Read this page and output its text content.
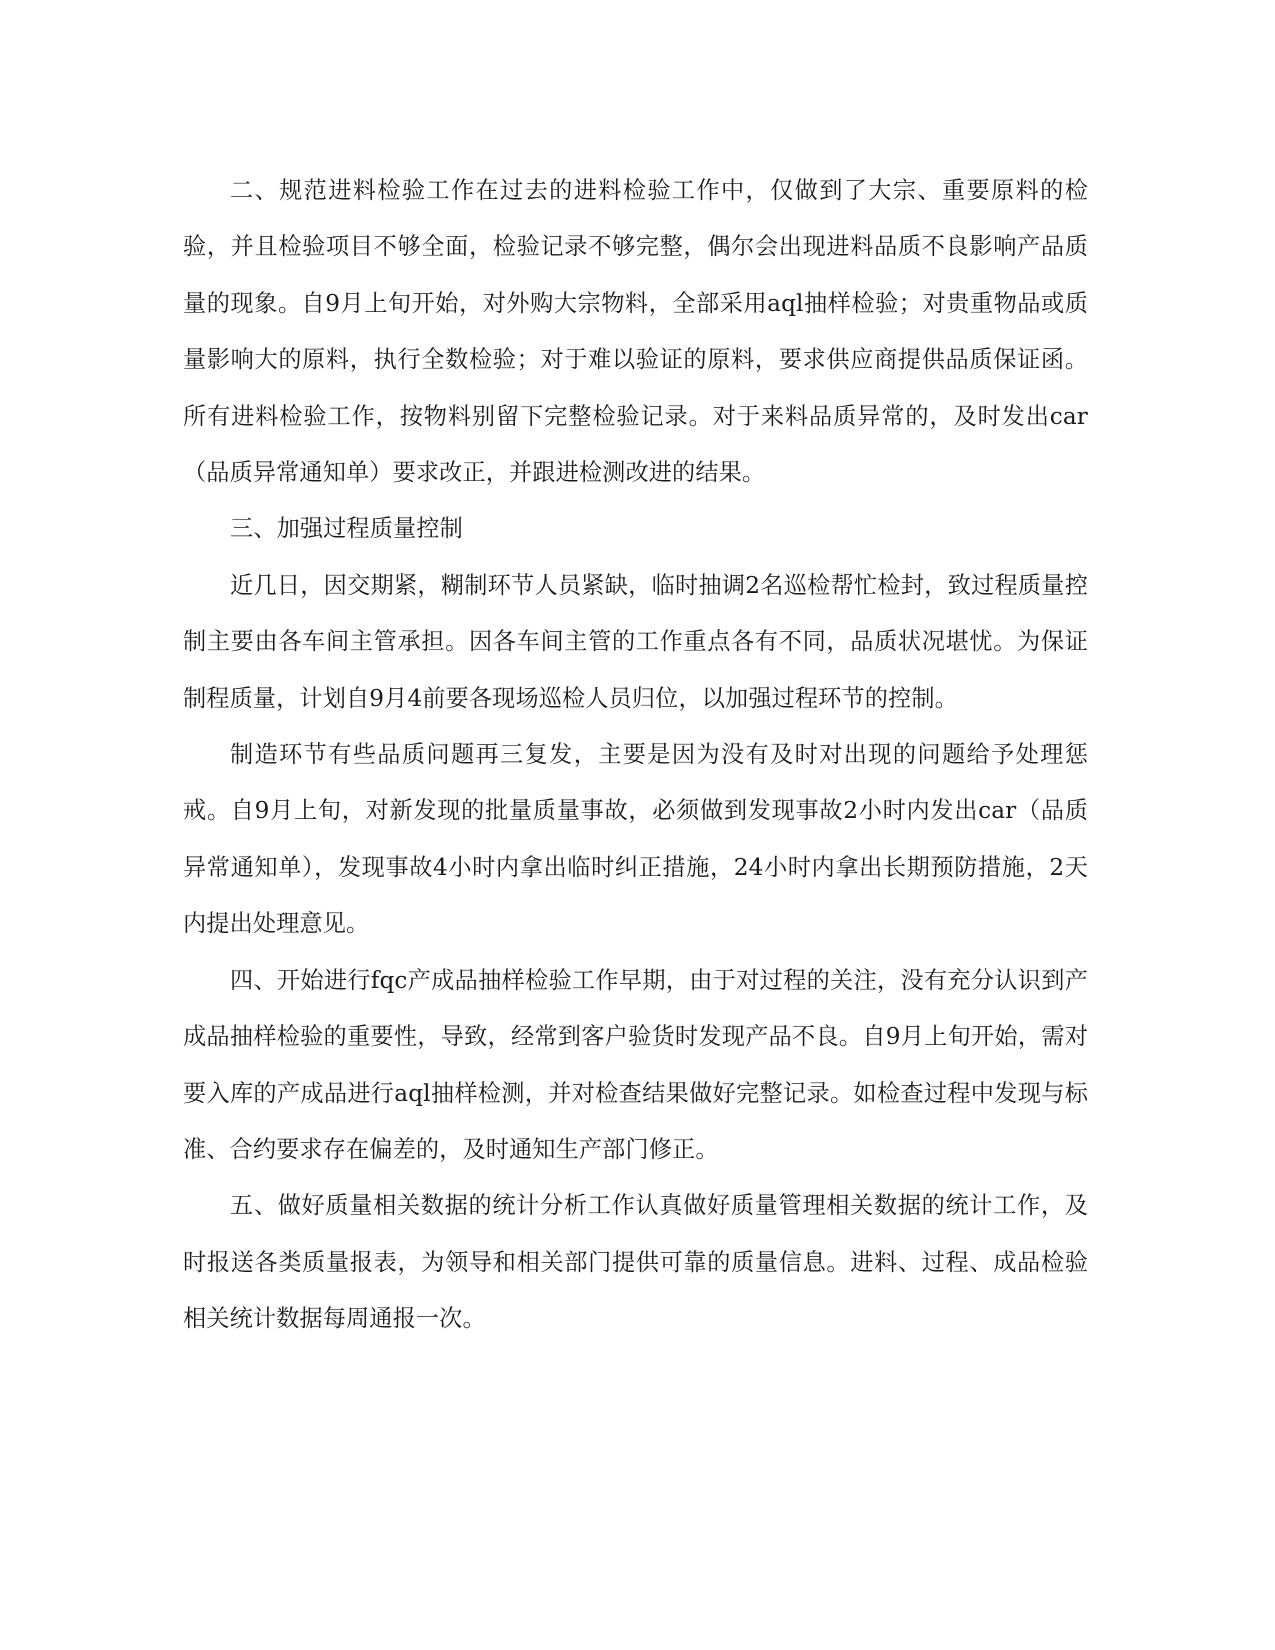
二、规范进料检验工作在过去的进料检验工作中，仅做到了大宗、重要原料的检验，并且检验项目不够全面，检验记录不够完整，偶尔会出现进料品质不良影响产品质量的现象。自9月上旬开始，对外购大宗物料，全部采用aql抽样检验；对贵重物品或质量影响大的原料，执行全数检验；对于难以验证的原料，要求供应商提供品质保证函。所有进料检验工作，按物料别留下完整检验记录。对于来料品质异常的，及时发出car（品质异常通知单）要求改正，并跟进检测改进的结果。

三、加强过程质量控制

近几日，因交期紧，糊制环节人员紧缺，临时抽调2名巡检帮忙检封，致过程质量控制主要由各车间主管承担。因各车间主管的工作重点各有不同，品质状况堪忧。为保证制程质量，计划自9月4前要各现场巡检人员归位，以加强过程环节的控制。

制造环节有些品质问题再三复发，主要是因为没有及时对出现的问题给予处理惩戒。自9月上旬，对新发现的批量质量事故，必须做到发现事故2小时内发出car（品质异常通知单），发现事故4小时内拿出临时纠正措施，24小时内拿出长期预防措施，2天内提出处理意见。

四、开始进行fqc产成品抽样检验工作早期，由于对过程的关注，没有充分认识到产成品抽样检验的重要性，导致，经常到客户验货时发现产品不良。自9月上旬开始，需对要入库的产成品进行aql抽样检测，并对检查结果做好完整记录。如检查过程中发现与标准、合约要求存在偏差的，及时通知生产部门修正。

五、做好质量相关数据的统计分析工作认真做好质量管理相关数据的统计工作，及时报送各类质量报表，为领导和相关部门提供可靠的质量信息。进料、过程、成品检验相关统计数据每周通报一次。
